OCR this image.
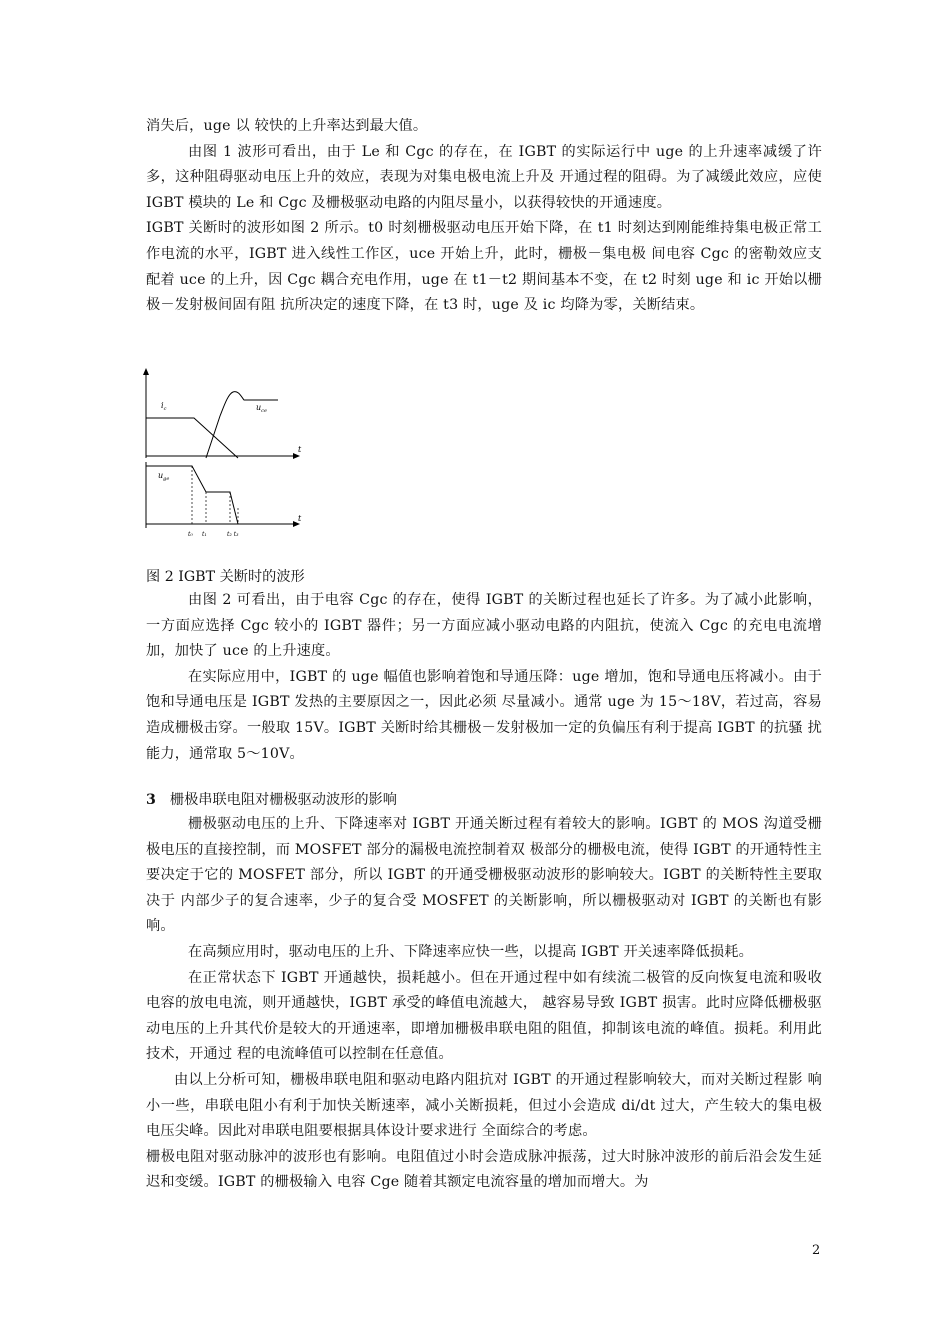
消失后，uge 以 较快的上升率达到最大值。

由图 1 波形可看出，由于 Le 和 Cgc 的存在，在 IGBT 的实际运行中 uge 的上升速率减缓了许多，这种阻碍驱动电压上升的效应，表现为对集电极电流上升及 开通过程的阻碍。为了减缓此效应，应使 IGBT 模块的 Le 和 Cgc 及栅极驱动电路的内阻尽量小，以获得较快的开通速度。

IGBT 关断时的波形如图 2 所示。t0 时刻栅极驱动电压开始下降，在 t1 时刻达到刚能维持集电极正常工作电流的水平，IGBT 进入线性工作区，uce 开始上升，此时，栅极－集电极 间电容 Cgc 的密勒效应支配着 uce 的上升，因 Cgc 耦合充电作用，uge 在 t1－t2 期间基本不变，在 t2 时刻 uge 和 ic 开始以栅极－发射极间固有阻 抗所决定的速度下降，在 t3 时，uge 及 ic 均降为零，关断结束。

$i_c$	$u_{ce}$
t
$u_{ge}$
t
t₀ t₁	t₂ t₃
图 2 IGBT 关断时的波形

由图 2 可看出，由于电容 Cgc 的存在，使得 IGBT 的关断过程也延长了许多。为了减小此影响，一方面应选择 Cgc 较小的 IGBT 器件；另一方面应减小驱动电路的内阻抗，使流入 Cgc 的充电电流增加，加快了 uce 的上升速度。

在实际应用中，IGBT 的 uge 幅值也影响着饱和导通压降：uge 增加，饱和导通电压将减小。由于饱和导通电压是 IGBT 发热的主要原因之一，因此必须 尽量减小。通常 uge 为 15～18V，若过高，容易造成栅极击穿。一般取 15V。IGBT 关断时给其栅极－发射极加一定的负偏压有利于提高 IGBT 的抗骚 扰能力，通常取 5～10V。

3 栅极串联电阻对栅极驱动波形的影响

栅极驱动电压的上升、下降速率对 IGBT 开通关断过程有着较大的影响。IGBT 的 MOS 沟道受栅极电压的直接控制，而 MOSFET 部分的漏极电流控制着双 极部分的栅极电流，使得 IGBT 的开通特性主要决定于它的 MOSFET 部分，所以 IGBT 的开通受栅极驱动波形的影响较大。IGBT 的关断特性主要取决于 内部少子的复合速率，少子的复合受 MOSFET 的关断影响，所以栅极驱动对 IGBT 的关断也有影响。

在高频应用时，驱动电压的上升、下降速率应快一些，以提高 IGBT 开关速率降低损耗。

在正常状态下 IGBT 开通越快，损耗越小。但在开通过程中如有续流二极管的反向恢复电流和吸收电容的放电电流，则开通越快，IGBT 承受的峰值电流越大， 越容易导致 IGBT 损害。此时应降低栅极驱动电压的上升其代价是较大的开通速率，即增加栅极串联电阻的阻值，抑制该电流的峰值。损耗。利用此技术，开通过 程的电流峰值可以控制在任意值。

由以上分析可知，栅极串联电阻和驱动电路内阻抗对 IGBT 的开通过程影响较大，而对关断过程影 响小一些，串联电阻小有利于加快关断速率，减小关断损耗，但过小会造成 di/dt 过大，产生较大的集电极电压尖峰。因此对串联电阻要根据具体设计要求进行 全面综合的考虑。

栅极电阻对驱动脉冲的波形也有影响。电阻值过小时会造成脉冲振荡，过大时脉冲波形的前后沿会发生延迟和变缓。IGBT 的栅极输入 电容 Cge 随着其额定电流容量的增加而增大。为

2
